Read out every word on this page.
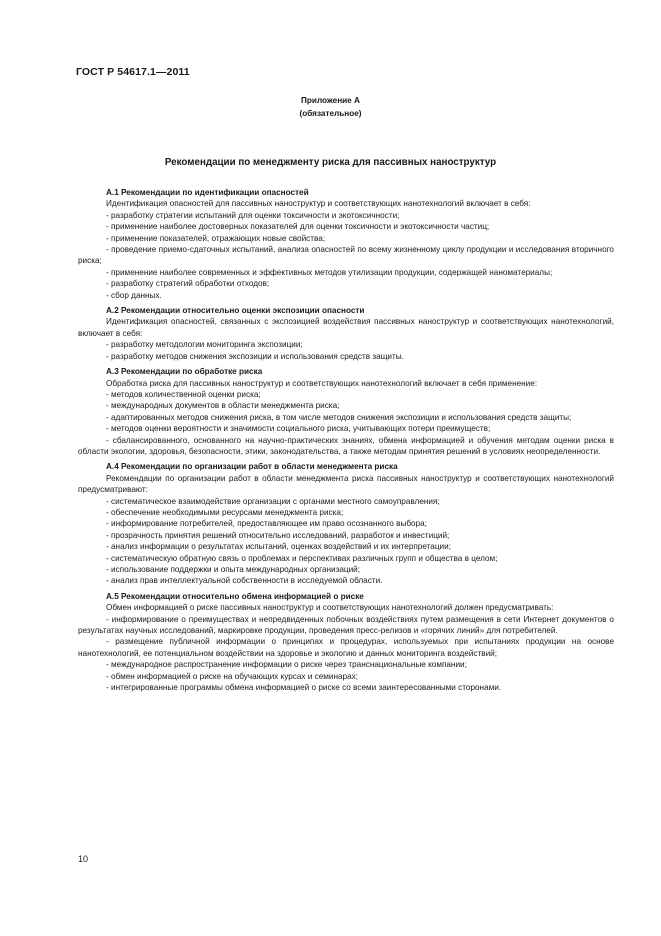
ГОСТ Р 54617.1—2011
Приложение А
(обязательное)
Рекомендации по менеджменту риска для пассивных наноструктур

А.1 Рекомендации по идентификации опасностей

Идентификация опасностей для пассивных наноструктур и соответствующих нанотехнологий включает в себя:

- разработку стратегии испытаний для оценки токсичности и экотоксичности;

- применение наиболее достоверных показателей для оценки токсичности и экотоксичности частиц;

- применение показателей, отражающих новые свойства;

- проведение приемо-сдаточных испытаний, анализа опасностей по всему жизненному циклу продукции и исследования вторичного риска;

- применение наиболее современных и эффективных методов утилизации продукции, содержащей наноматериалы;

- разработку стратегий обработки отходов;

- сбор данных.

А.2 Рекомендации относительно оценки экспозиции опасности

Идентификация опасностей, связанных с экспозицией воздействия пассивных наноструктур и соответствующих нанотехнологий, включает в себя:

- разработку методологии мониторинга экспозиции;

- разработку методов снижения экспозиции и использования средств защиты.

А.3 Рекомендации по обработке риска

Обработка риска для пассивных наноструктур и соответствующих нанотехнологий включает в себя применение:

- методов количественной оценки риска;

- международных документов в области менеджмента риска;

- адаптированных методов снижения риска, в том числе методов снижения экспозиции и использования средств защиты;

- методов оценки вероятности и значимости социального риска, учитывающих потери преимуществ;

- сбалансированного, основанного на научно-практических знаниях, обмена информацией и обучения методам оценки риска в области экологии, здоровья, безопасности, этики, законодательства, а также методам принятия решений в условиях неопределенности.

А.4 Рекомендации по организации работ в области менеджмента риска

Рекомендации по организации работ в области менеджмента риска пассивных наноструктур и соответствующих нанотехнологий предусматривают:

- систематическое взаимодействие организации с органами местного самоуправления;

- обеспечение необходимыми ресурсами менеджмента риска;

- информирование потребителей, предоставляющее им право осознанного выбора;

- прозрачность принятия решений относительно исследований, разработок и инвестиций;

- анализ информации о результатах испытаний, оценках воздействий и их интерпретации;

- систематическую обратную связь о проблемах и перспективах различных групп и общества в целом;

- использование поддержки и опыта международных организаций;

- анализ прав интеллектуальной собственности в исследуемой области.

А.5 Рекомендации относительно обмена информацией о риске

Обмен информацией о риске пассивных наноструктур и соответствующих нанотехнологий должен предусматривать:

- информирование о преимуществах и непредвиденных побочных воздействиях путем размещения в сети Интернет документов о результатах научных исследований, маркировке продукции, проведения пресс-релизов и «горячих линий» для потребителей.

- размещение публичной информации о принципах и процедурах, используемых при испытаниях продукции на основе нанотехнологий, ее потенциальном воздействии на здоровье и экологию и данных мониторинга воздействий;

- международное распространение информации о риске через транснациональные компании;

- обмен информацией о риске на обучающих курсах и семинарах;

- интегрированные программы обмена информацией о риске со всеми заинтересованными сторонами.

10
